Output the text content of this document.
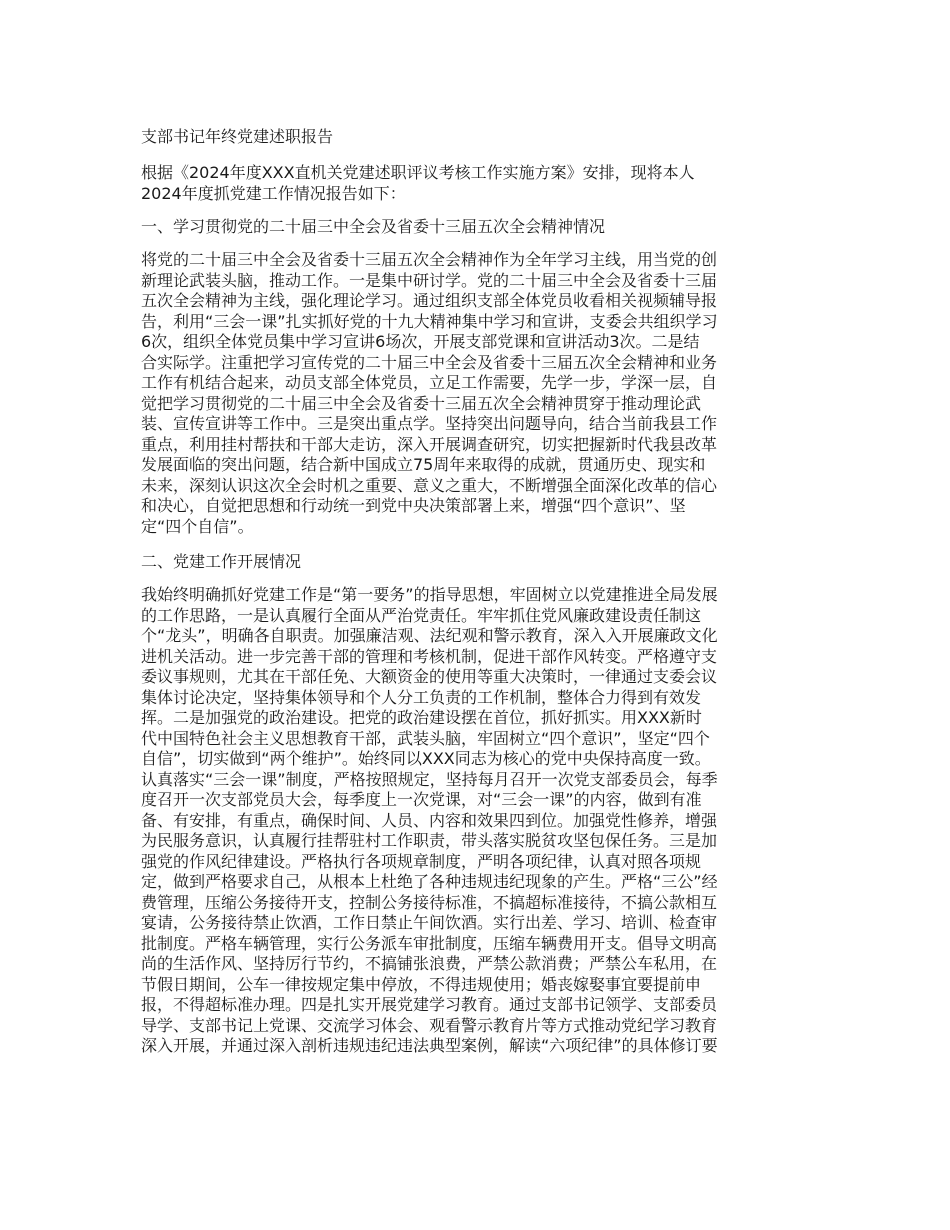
支部书记年终党建述职报告
根据《2024年度XXX直机关党建述职评议考核工作实施方案》安排，现将本人
2024年度抓党建工作情况报告如下：
一、学习贯彻党的二十届三中全会及省委十三届五次全会精神情况
将党的二十届三中全会及省委十三届五次全会精神作为全年学习主线，用当党的创
新理论武装头脑，推动工作。一是集中研讨学。党的二十届三中全会及省委十三届
五次全会精神为主线，强化理论学习。通过组织支部全体党员收看相关视频辅导报
告，利用“三会一课”扎实抓好党的十九大精神集中学习和宣讲，支委会共组织学习
6次，组织全体党员集中学习宣讲6场次，开展支部党课和宣讲活动3次。二是结
合实际学。注重把学习宣传党的二十届三中全会及省委十三届五次全会精神和业务
工作有机结合起来，动员支部全体党员，立足工作需要，先学一步，学深一层，自
觉把学习贯彻党的二十届三中全会及省委十三届五次全会精神贯穿于推动理论武
装、宣传宣讲等工作中。三是突出重点学。坚持突出问题导向，结合当前我县工作
重点，利用挂村帮扶和干部大走访，深入开展调查研究，切实把握新时代我县改革
发展面临的突出问题，结合新中国成立75周年来取得的成就，贯通历史、现实和
未来，深刻认识这次全会时机之重要、意义之重大，不断增强全面深化改革的信心
和决心，自觉把思想和行动统一到党中央决策部署上来，增强“四个意识”、坚
定“四个自信”。
二、党建工作开展情况
我始终明确抓好党建工作是“第一要务”的指导思想，牢固树立以党建推进全局发展
的工作思路，一是认真履行全面从严治党责任。牢牢抓住党风廉政建设责任制这
个“龙头”，明确各自职责。加强廉洁观、法纪观和警示教育，深入入开展廉政文化
进机关活动。进一步完善干部的管理和考核机制，促进干部作风转变。严格遵守支
委议事规则，尤其在干部任免、大额资金的使用等重大决策时，一律通过支委会议
集体讨论决定，坚持集体领导和个人分工负责的工作机制，整体合力得到有效发
挥。二是加强党的政治建设。把党的政治建设摆在首位，抓好抓实。用XXX新时
代中国特色社会主义思想教育干部，武装头脑，牢固树立“四个意识”，坚定“四个
自信”，切实做到“两个维护”。始终同以XXX同志为核心的党中央保持高度一致。
认真落实“三会一课”制度，严格按照规定，坚持每月召开一次党支部委员会，每季
度召开一次支部党员大会，每季度上一次党课，对“三会一课”的内容，做到有准
备、有安排，有重点，确保时间、人员、内容和效果四到位。加强党性修养，增强
为民服务意识，认真履行挂帮驻村工作职责，带头落实脱贫攻坚包保任务。三是加
强党的作风纪律建设。严格执行各项规章制度，严明各项纪律，认真对照各项规
定，做到严格要求自己，从根本上杜绝了各种违规违纪现象的产生。严格“三公”经
费管理，压缩公务接待开支，控制公务接待标准，不搞超标准接待，不搞公款相互
宴请，公务接待禁止饮酒，工作日禁止午间饮酒。实行出差、学习、培训、检查审
批制度。严格车辆管理，实行公务派车审批制度，压缩车辆费用开支。倡导文明高
尚的生活作风、坚持厉行节约，不搞铺张浪费，严禁公款消费；严禁公车私用，在
节假日期间，公车一律按规定集中停放，不得违规使用；婚丧嫁娶事宜要提前申
报，不得超标准办理。四是扎实开展党建学习教育。通过支部书记领学、支部委员
导学、支部书记上党课、交流学习体会、观看警示教育片等方式推动党纪学习教育
深入开展，并通过深入剖析违规违纪违法典型案例，解读“六项纪律”的具体修订要
